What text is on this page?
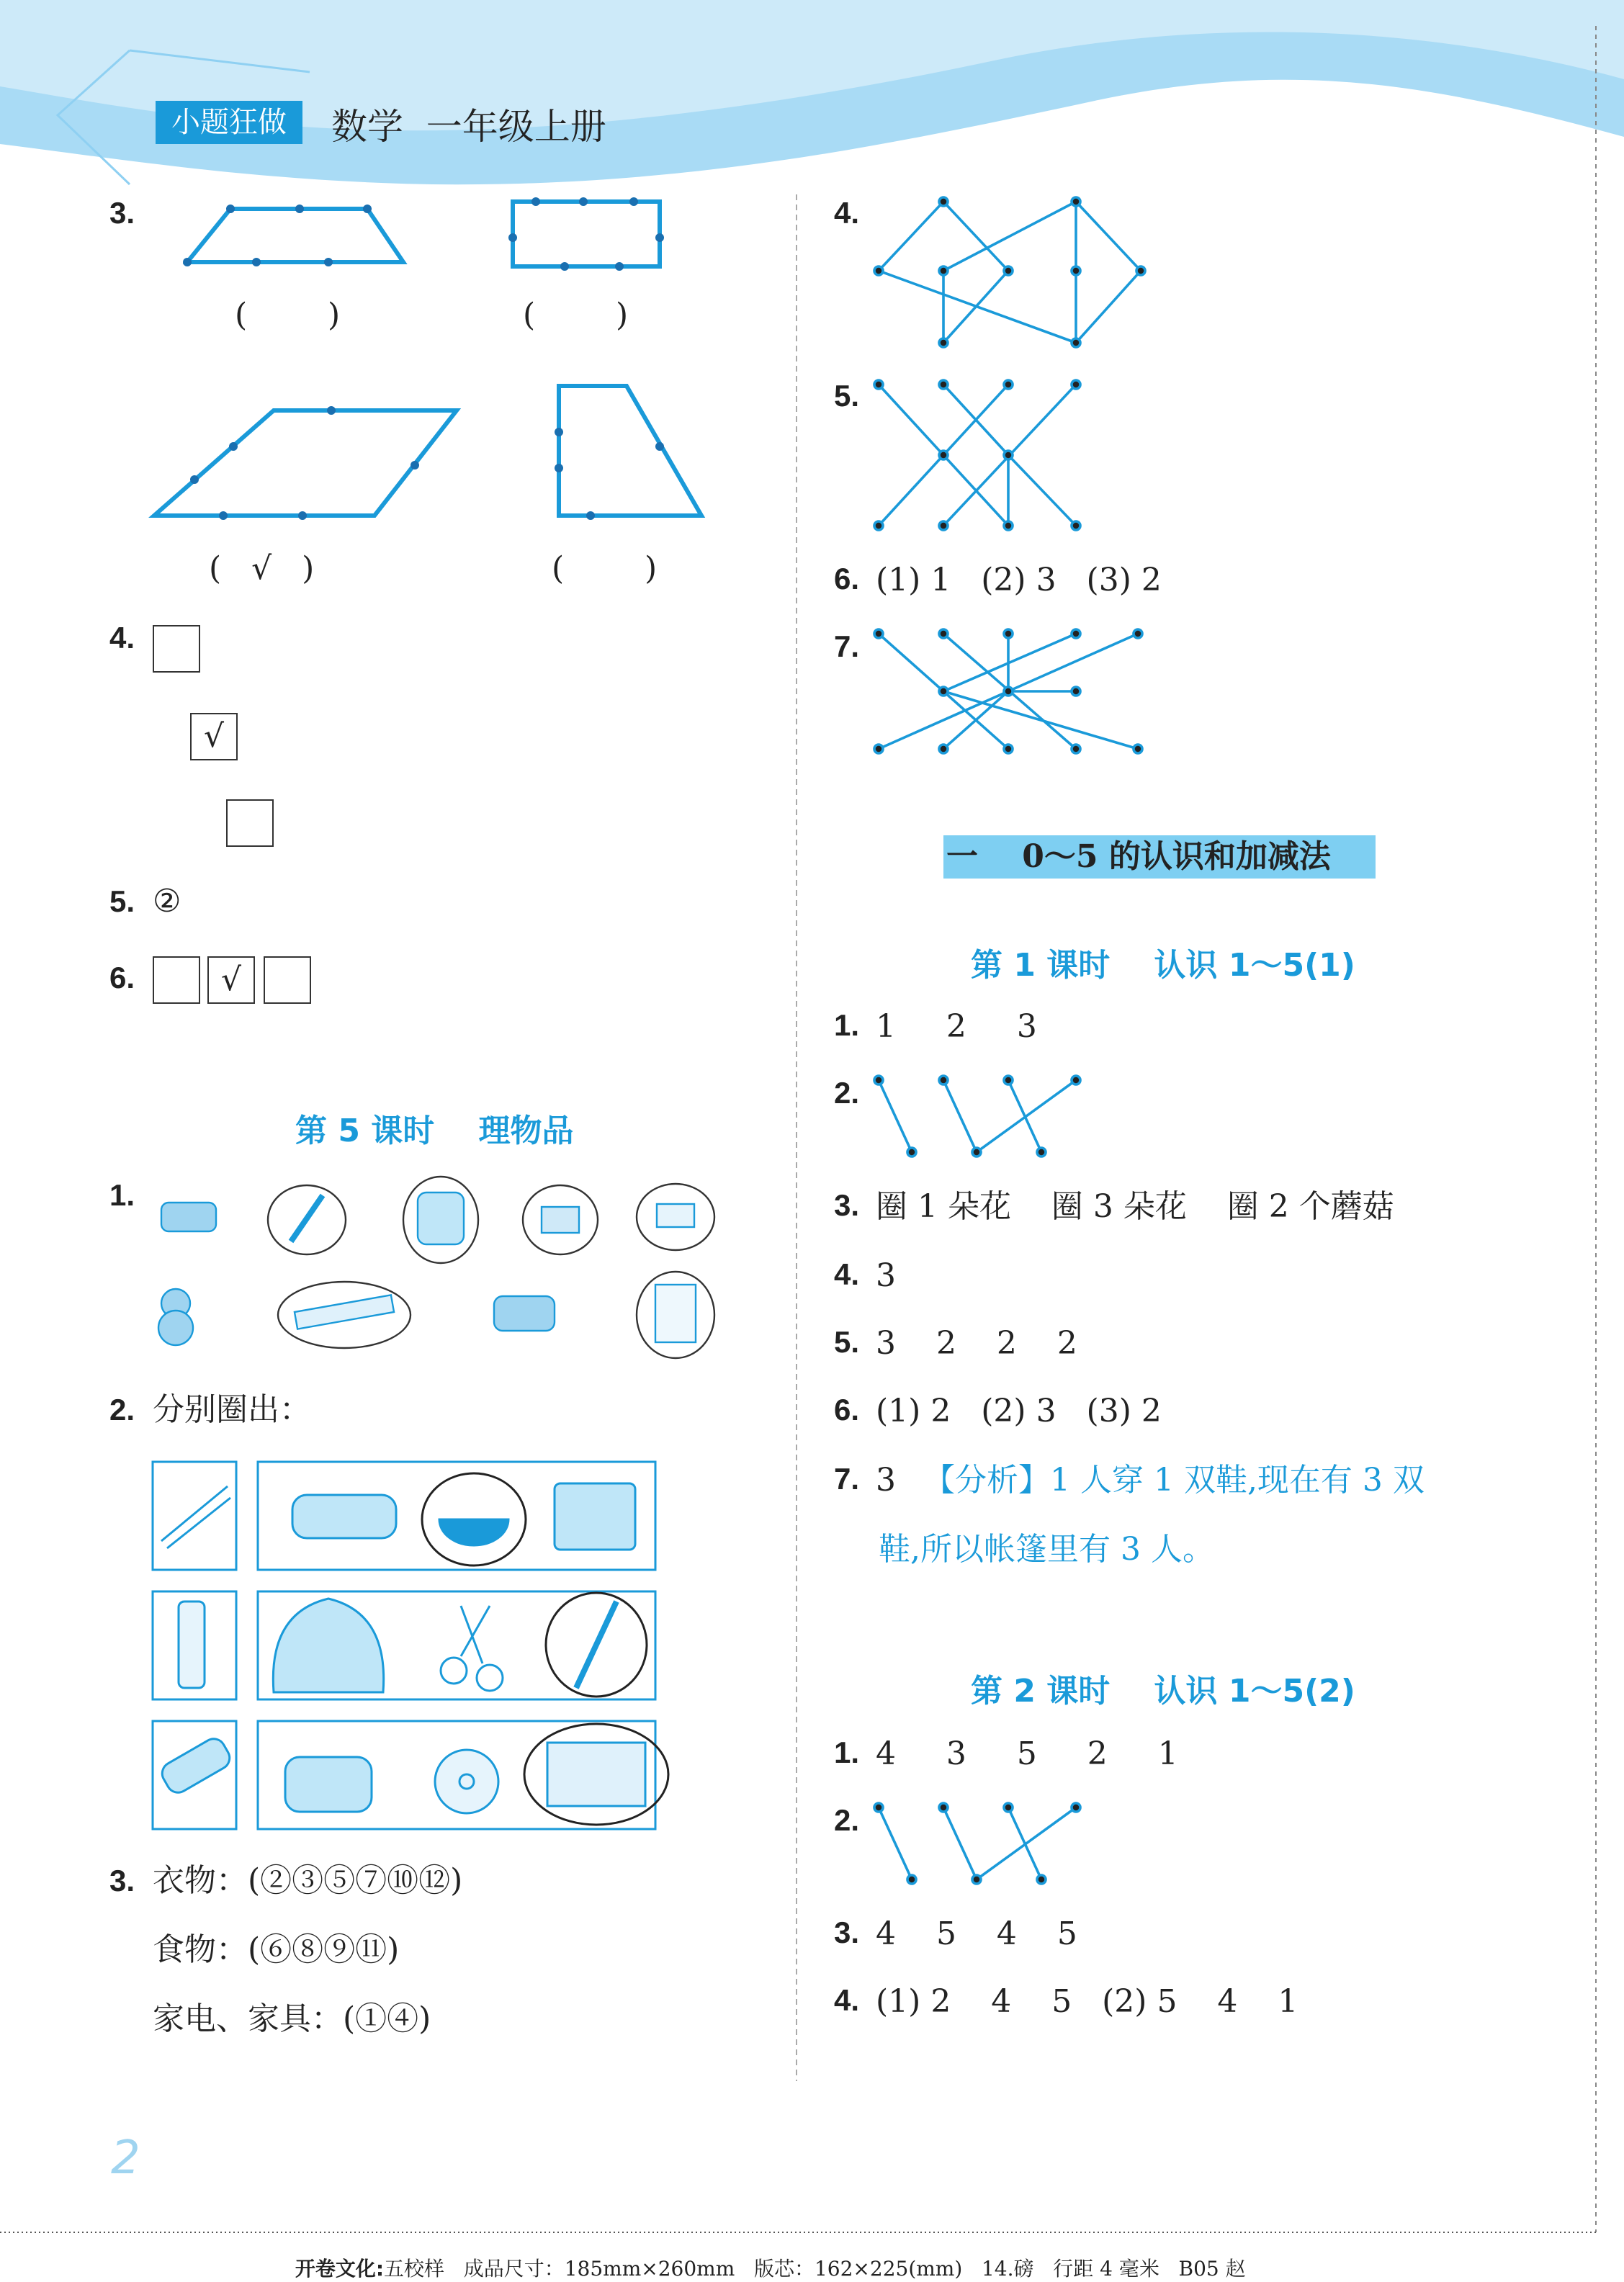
小题狂做	数学  一年级上册
3.
(        )	(        )
(   √   )	(        )
4.
√
5. ②
6.	√
第 5 课时    理物品
1.
2. 分别圈出：
3. 衣物：(②③⑤⑦⑩⑫)
食物：(⑥⑧⑨⑪)
家电、家具：(①④)
2
4.
5.
6. (1) 1   (2) 3   (3) 2
7.
一    0～5 的认识和加减法
第 1 课时    认识 1～5(1)
1. 1     2     3
2.
3. 圈 1 朵花    圈 3 朵花    圈 2 个蘑菇
4. 3
5. 3    2    2    2
6. (1) 2   (2) 3   (3) 2
7. 3 【分析】1 人穿 1 双鞋,现在有 3 双
鞋,所以帐篷里有 3 人。
第 2 课时    认识 1～5(2)
1. 4     3     5     2     1
2.
3. 4    5    4    5
4. (1) 2    4    5   (2) 5    4    1

开卷文化:五校样   成品尺寸：185mm×260mm   版芯：162×225(mm)   14.磅   行距 4 毫米   B05 赵
